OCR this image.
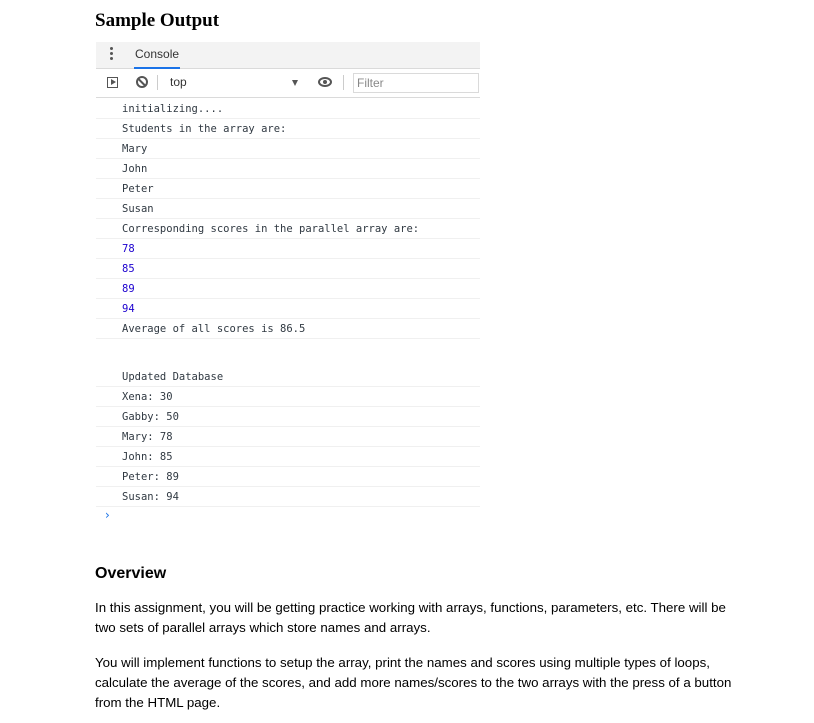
Sample Output
Console
top
Filter
initializing....
Students in the array are:
Mary
John
Peter
Susan
Corresponding scores in the parallel array are:
78
85
89
94
Average of all scores is 86.5
Updated Database
Xena: 30
Gabby: 50
Mary: 78
John: 85
Peter: 89
Susan: 94
›
Overview

In this assignment, you will be getting practice working with arrays, functions, parameters, etc. There will be two sets of parallel arrays which store names and arrays.

You will implement functions to setup the array, print the names and scores using multiple types of loops, calculate the average of the scores, and add more names/scores to the two arrays with the press of a button from the HTML page.
